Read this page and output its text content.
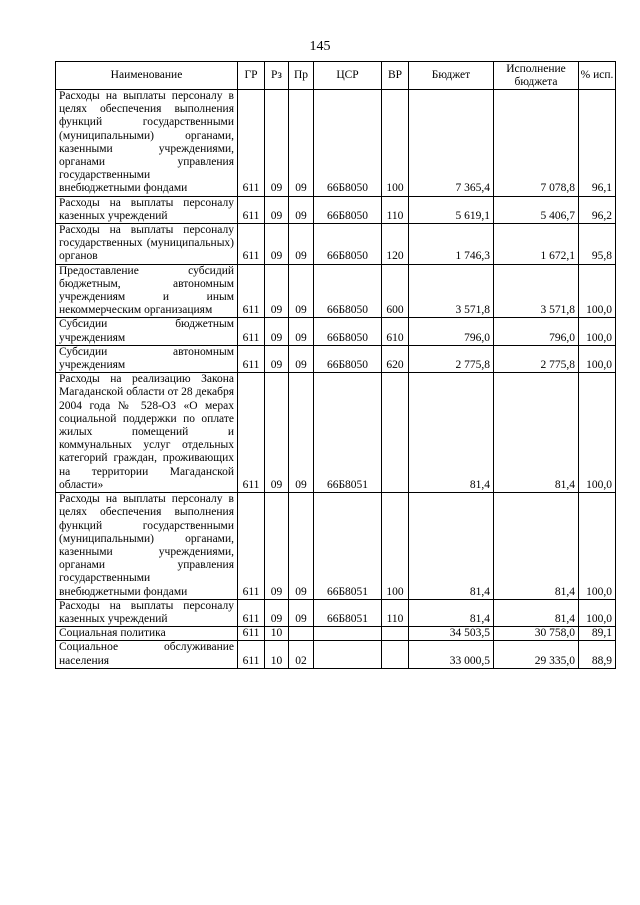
145
Наименование	ГР	Рз	Пр	ЦСР	ВР	Бюджет	Исполнение бюджета	% исп.
Расходы на выплаты персоналу в целях обеспечения выполнения функций государственными (муниципальными) органами, казенными учреждениями, органами управления государственными внебюджетными фондами	611	09	09	66Б8050	100	7 365,4	7 078,8	96,1
Расходы на выплаты персоналу казенных учреждений	611	09	09	66Б8050	110	5 619,1	5 406,7	96,2
Расходы на выплаты персоналу государственных (муниципальных) органов	611	09	09	66Б8050	120	1 746,3	1 672,1	95,8
Предоставление субсидий бюджетным, автономным учреждениям и иным некоммерческим организациям	611	09	09	66Б8050	600	3 571,8	3 571,8	100,0
Субсидии бюджетным учреждениям	611	09	09	66Б8050	610	796,0	796,0	100,0
Субсидии автономным учреждениям	611	09	09	66Б8050	620	2 775,8	2 775,8	100,0
Расходы на реализацию Закона Магаданской области от 28 декабря 2004 года № 528-ОЗ «О мерах социальной поддержки по оплате жилых помещений и коммунальных услуг отдельных категорий граждан, проживающих на территории Магаданской области»	611	09	09	66Б8051		81,4	81,4	100,0
Расходы на выплаты персоналу в целях обеспечения выполнения функций государственными (муниципальными) органами, казенными учреждениями, органами управления государственными внебюджетными фондами	611	09	09	66Б8051	100	81,4	81,4	100,0
Расходы на выплаты персоналу казенных учреждений	611	09	09	66Б8051	110	81,4	81,4	100,0
Социальная политика	611	10				34 503,5	30 758,0	89,1
Социальное обслуживание населения	611	10	02			33 000,5	29 335,0	88,9
